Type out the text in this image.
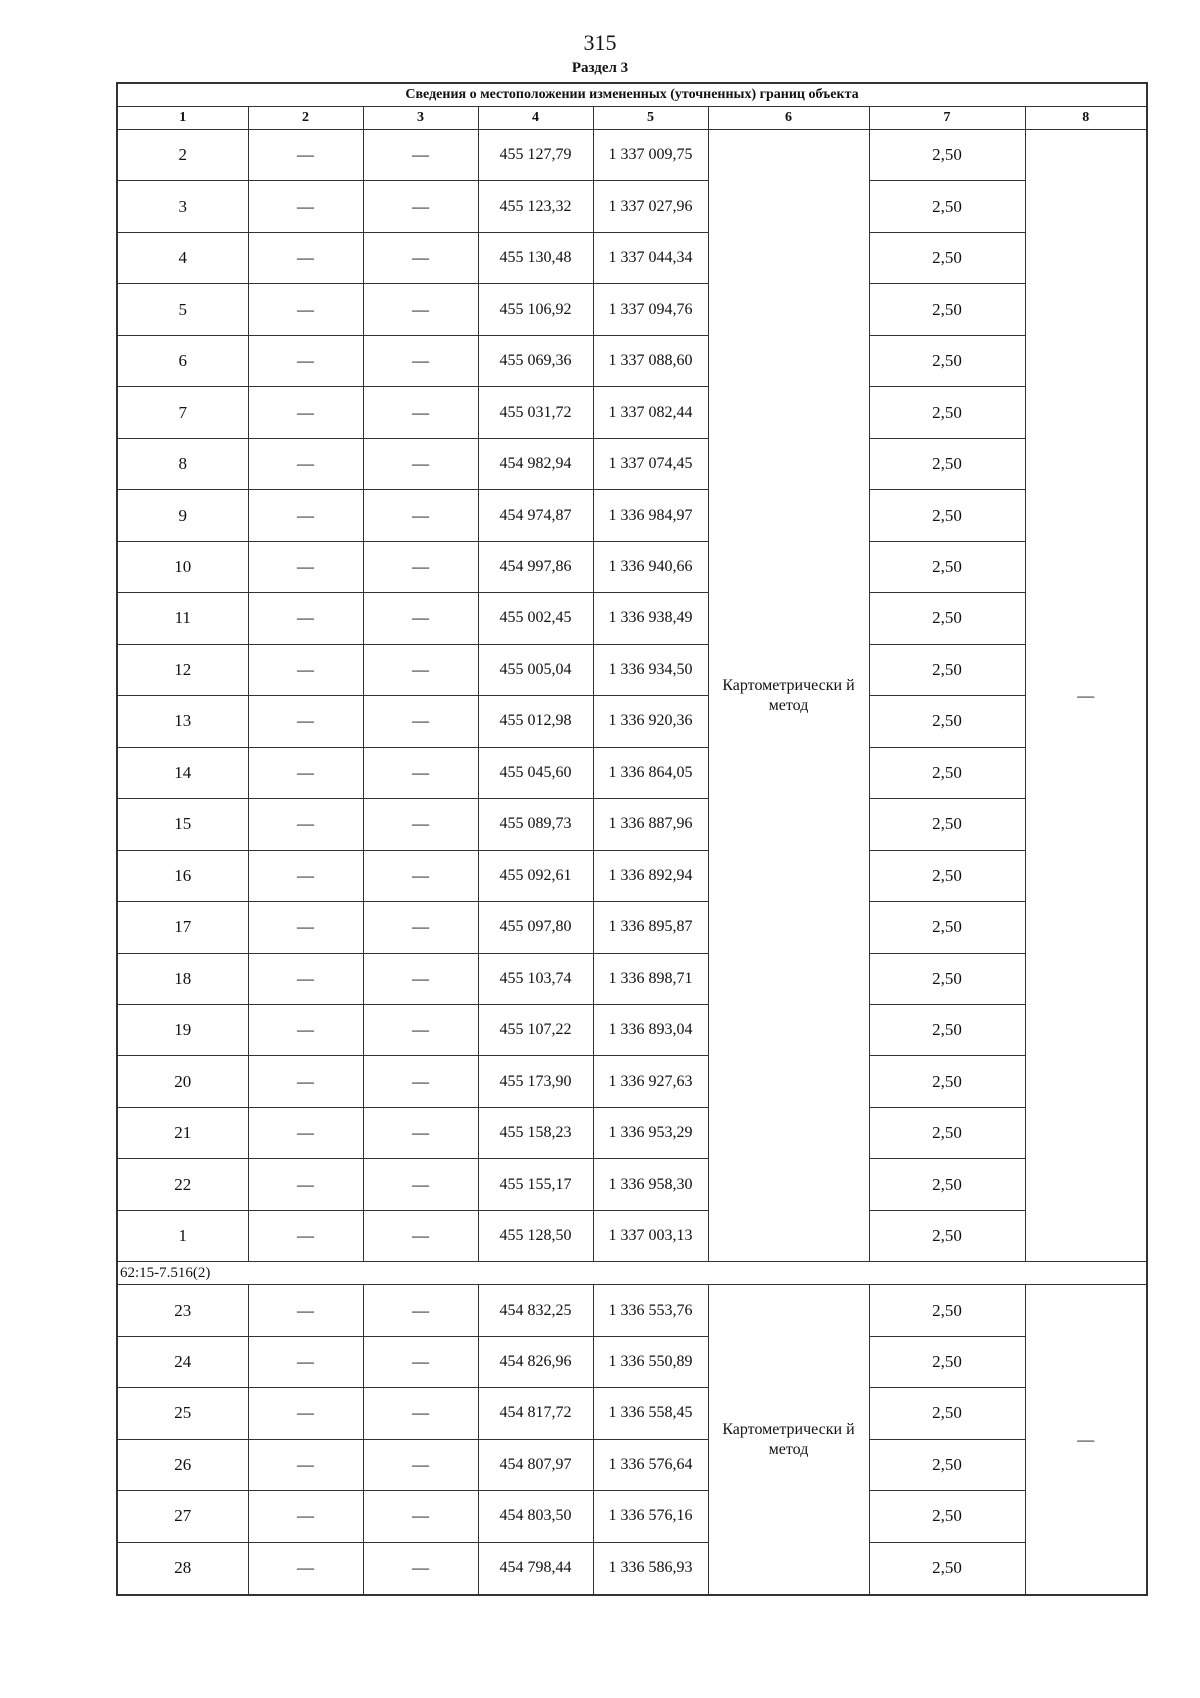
315
Раздел 3
Сведения о местоположении измененных (уточненных) границ объекта							
1	2	3	4	5	6	7	8
2	—	—	455 127,79	1 337 009,75	Картометрически й метод	2,50	—
3	—	—	455 123,32	1 337 027,96		2,50	
4	—	—	455 130,48	1 337 044,34		2,50	
5	—	—	455 106,92	1 337 094,76		2,50	
6	—	—	455 069,36	1 337 088,60		2,50	
7	—	—	455 031,72	1 337 082,44		2,50	
8	—	—	454 982,94	1 337 074,45		2,50	
9	—	—	454 974,87	1 336 984,97		2,50	
10	—	—	454 997,86	1 336 940,66		2,50	
11	—	—	455 002,45	1 336 938,49		2,50	
12	—	—	455 005,04	1 336 934,50		2,50	
13	—	—	455 012,98	1 336 920,36		2,50	
14	—	—	455 045,60	1 336 864,05		2,50	
15	—	—	455 089,73	1 336 887,96		2,50	
16	—	—	455 092,61	1 336 892,94		2,50	
17	—	—	455 097,80	1 336 895,87		2,50	
18	—	—	455 103,74	1 336 898,71		2,50	
19	—	—	455 107,22	1 336 893,04		2,50	
20	—	—	455 173,90	1 336 927,63		2,50	
21	—	—	455 158,23	1 336 953,29		2,50	
22	—	—	455 155,17	1 336 958,30		2,50	
1	—	—	455 128,50	1 337 003,13		2,50	
62:15-7.516(2)							
23	—	—	454 832,25	1 336 553,76	Картометрически й метод	2,50	—
24	—	—	454 826,96	1 336 550,89		2,50	
25	—	—	454 817,72	1 336 558,45		2,50	
26	—	—	454 807,97	1 336 576,64		2,50	
27	—	—	454 803,50	1 336 576,16		2,50	
28	—	—	454 798,44	1 336 586,93		2,50	
